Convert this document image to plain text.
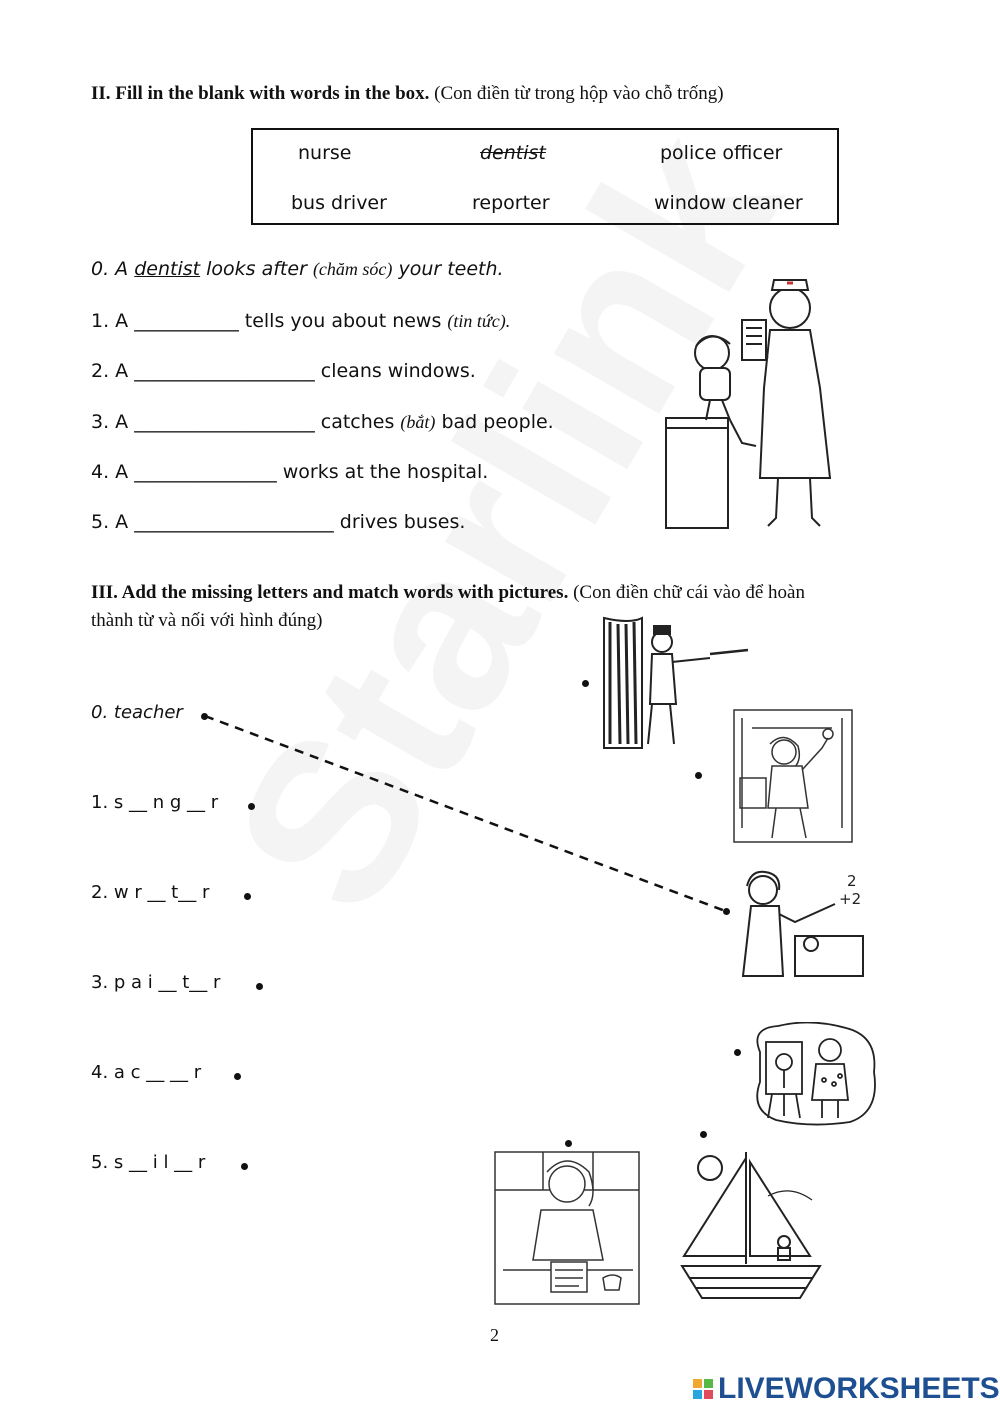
II. Fill in the blank with words in the box. (Con điền từ trong hộp vào chỗ trống)
nurse	dentist	police officer
bus driver	reporter	window cleaner
0. A dentist looks after (chăm sóc) your teeth.
1. A ___________ tells you about news (tin tức).
2. A ___________________ cleans windows.
3. A ___________________ catches (bắt) bad people.
4. A _______________ works at the hospital.
5. A _____________________ drives buses.
III. Add the missing letters and match words with pictures. (Con điền chữ cái vào để hoàn
thành từ và nối với hình đúng)
0. teacher
1. s __ n g __ r
2. w r __ t__ r
3. p a i __ t__ r
4. a c __ __ r
5. s __ i l __ r
2
+2
2
LIVEWORKSHEETS
